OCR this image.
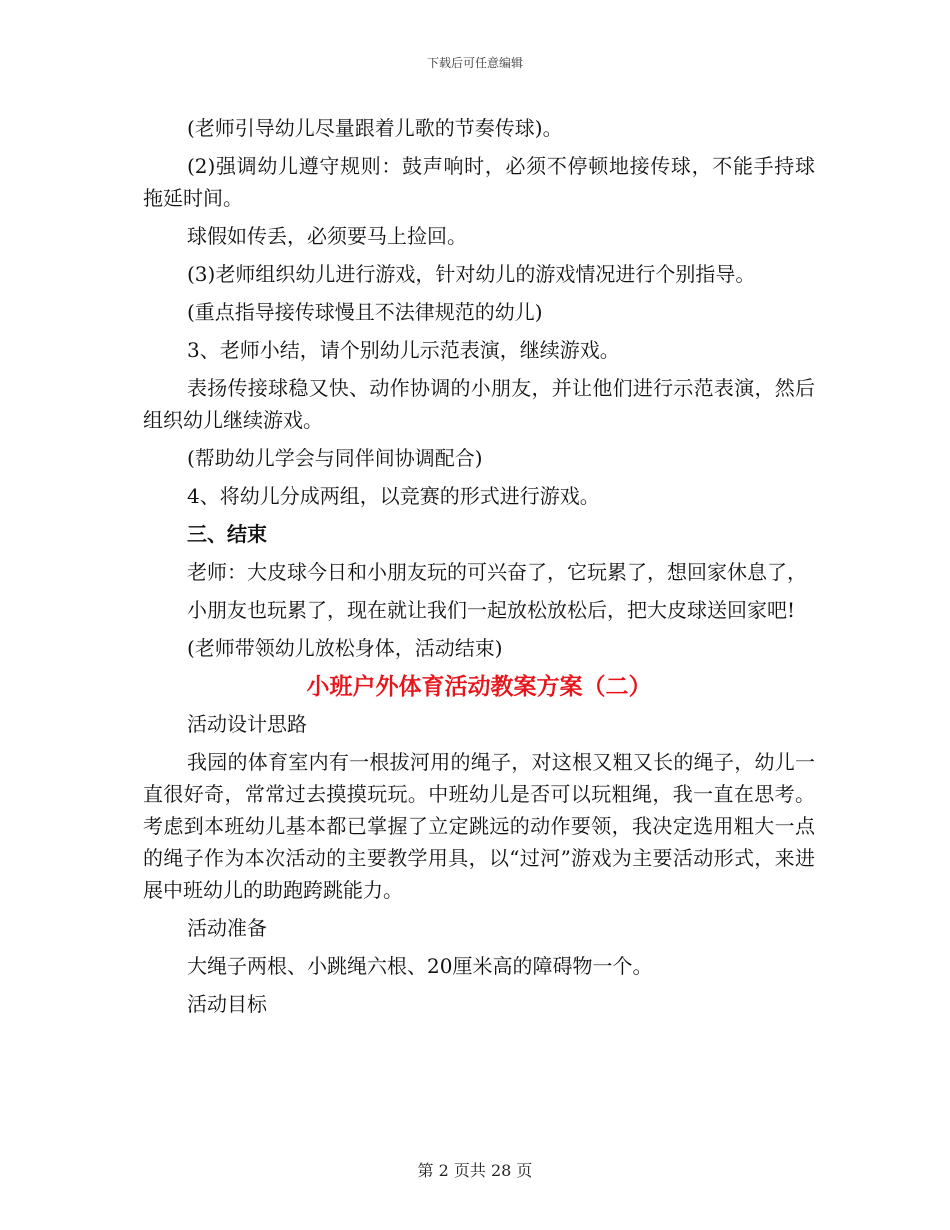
下载后可任意编辑

(老师引导幼儿尽量跟着儿歌的节奏传球)。

(2)强调幼儿遵守规则：鼓声响时，必须不停顿地接传球，不能手持球拖延时间。

球假如传丢，必须要马上捡回。

(3)老师组织幼儿进行游戏，针对幼儿的游戏情况进行个别指导。

(重点指导接传球慢且不法律规范的幼儿)

3、老师小结，请个别幼儿示范表演，继续游戏。

表扬传接球稳又快、动作协调的小朋友，并让他们进行示范表演，然后组织幼儿继续游戏。

(帮助幼儿学会与同伴间协调配合)

4、将幼儿分成两组，以竞赛的形式进行游戏。

三、结束

老师：大皮球今日和小朋友玩的可兴奋了，它玩累了，想回家休息了，

小朋友也玩累了，现在就让我们一起放松放松后，把大皮球送回家吧!

(老师带领幼儿放松身体，活动结束)

小班户外体育活动教案方案（二）

活动设计思路

我园的体育室内有一根拔河用的绳子，对这根又粗又长的绳子，幼儿一直很好奇，常常过去摸摸玩玩。中班幼儿是否可以玩粗绳，我一直在思考。考虑到本班幼儿基本都已掌握了立定跳远的动作要领，我决定选用粗大一点的绳子作为本次活动的主要教学用具，以“过河”游戏为主要活动形式，来进展中班幼儿的助跑跨跳能力。

活动准备

大绳子两根、小跳绳六根、20厘米高的障碍物一个。

活动目标

第 2 页共 28 页
